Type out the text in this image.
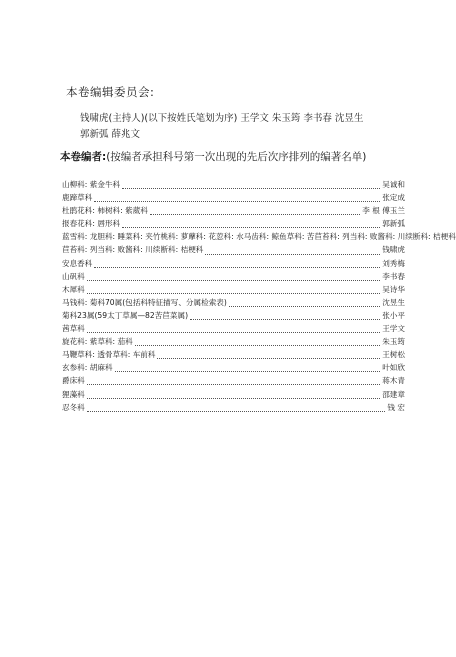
本卷编辑委员会:
钱啸虎(主持人)(以下按姓氏笔划为序) 王学文 朱玉筠 李书春 沈昱生
郭新弧 薛兆文
本卷编者:(按编者承担科号第一次出现的先后次序排列的编著名单)
山柳科: 紫金牛科	吴诚和
鹿蹄草科	张定成
杜鹃花科: 柿树科: 紫葳科	李 根 傅玉兰
报春花科: 唇形科	郭新弧
蓝雪科: 龙胆科: 睡菜科: 夹竹桃科: 萝藦科: 花荵科: 水马齿科: 鲸鱼草科: 苦苣苔科: 列当科: 败酱科: 川续断科: 桔梗科
苣苔科: 列当科: 败酱科: 川续断科: 桔梗科	钱啸虎
安息香科	刘秀梅
山矾科	李书春
木犀科	吴诗华
马钱科: 菊科70属(包括科特征描写、分属检索表)	沈昱生
菊科23属(59太丁草属—82苦苣菜属)	张小平
茜草科	王学文
旋花科: 紫草科: 茄科	朱玉筠
马鞭草科: 透骨草科: 车前科	王树松
玄参科: 胡麻科	叶如欣
爵床科	蒋木青
狸藻科	邵建章
忍冬科	钱 宏
